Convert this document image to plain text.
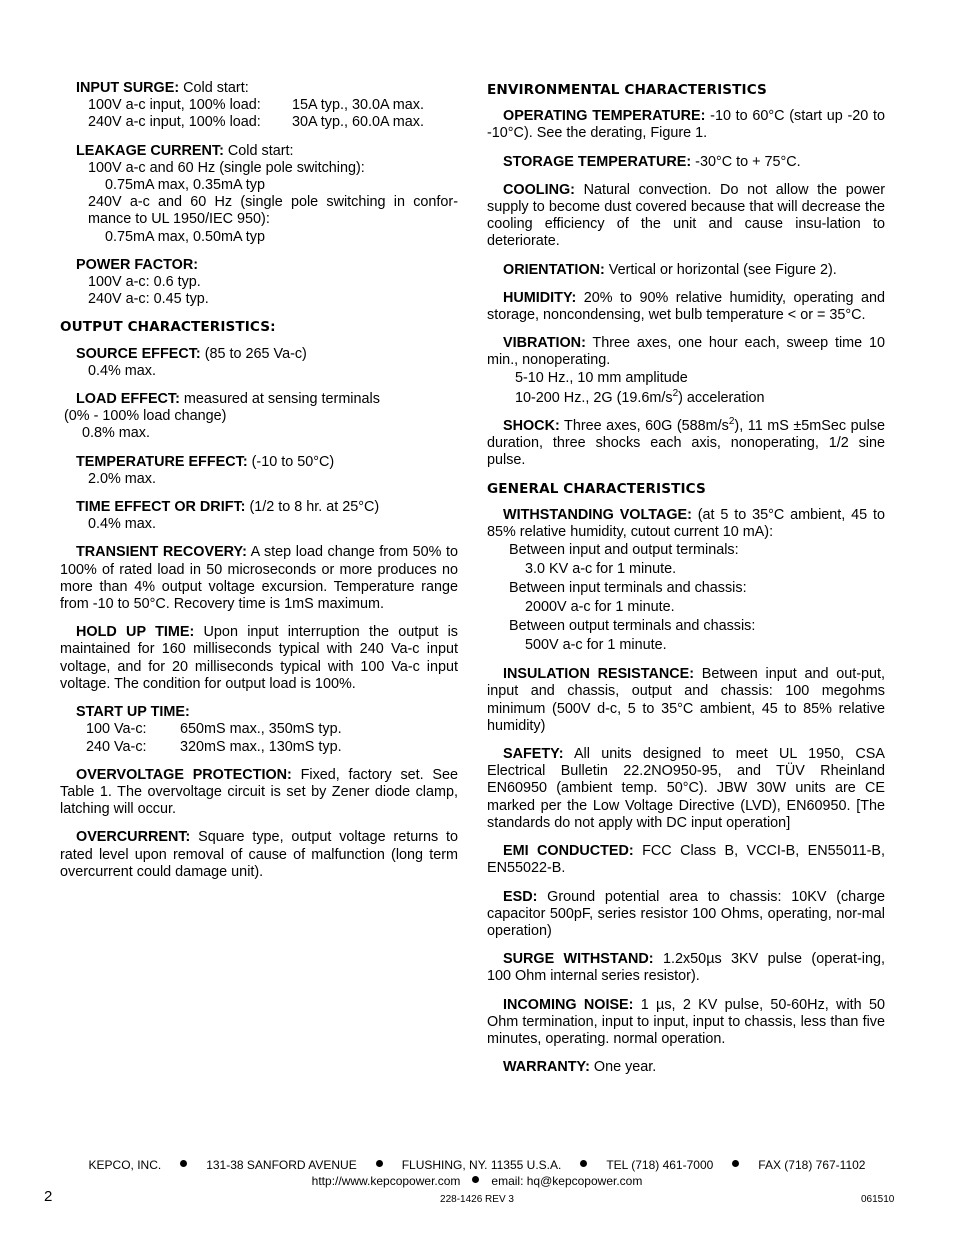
INPUT SURGE: Cold start:
100V a-c input, 100% load: 15A typ., 30.0A max.
240V a-c input, 100% load: 30A typ., 60.0A max.
LEAKAGE CURRENT: Cold start:
100V a-c and 60 Hz (single pole switching):
0.75mA max, 0.35mA typ
240V a-c and 60 Hz (single pole switching in confor-
mance to UL 1950/IEC 950):
0.75mA max, 0.50mA typ
POWER FACTOR:
100V a-c: 0.6 typ.
240V a-c: 0.45 typ.
OUTPUT CHARACTERISTICS:
SOURCE EFFECT: (85 to 265 Va-c)
0.4% max.
LOAD EFFECT: measured at sensing terminals
(0% - 100% load change)
0.8% max.
TEMPERATURE EFFECT: (-10 to 50°C)
2.0% max.
TIME EFFECT OR DRIFT: (1/2 to 8 hr. at 25°C)
0.4% max.

TRANSIENT RECOVERY: A step load change from 50% to 100% of rated load in 50 microseconds or more produces no more than 4% output voltage excursion. Temperature range from -10 to 50°C. Recovery time is 1mS maximum.

HOLD UP TIME: Upon input interruption the output is maintained for 160 milliseconds typical with 240 Va-c input voltage, and for 20 milliseconds typical with 100 Va-c input voltage. The condition for output load is 100%.

START UP TIME:
100 Va-c: 650mS max., 350mS typ.
240 Va-c: 320mS max., 130mS typ.

OVERVOLTAGE PROTECTION: Fixed, factory set. See Table 1. The overvoltage circuit is set by Zener diode clamp, latching will occur.

OVERCURRENT: Square type, output voltage returns to rated level upon removal of cause of malfunction (long term overcurrent could damage unit).

ENVIRONMENTAL CHARACTERISTICS

OPERATING TEMPERATURE: -10 to 60°C (start up -20 to -10°C). See the derating, Figure 1.

STORAGE TEMPERATURE: -30°C to + 75°C.

COOLING: Natural convection. Do not allow the power supply to become dust covered because that will decrease the cooling efficiency of the unit and cause insu-lation to deteriorate.

ORIENTATION: Vertical or horizontal (see Figure 2).

HUMIDITY: 20% to 90% relative humidity, operating and storage, noncondensing, wet bulb temperature < or = 35°C.

VIBRATION: Three axes, one hour each, sweep time 10 min., nonoperating.
5-10 Hz., 10 mm amplitude
10-200 Hz., 2G $(19.6m/s^2)$ acceleration

SHOCK: Three axes, 60G $(588m/s^2)$, 11 mS ±5mSec pulse duration, three shocks each axis, nonoperating, 1/2 sine pulse.

GENERAL CHARACTERISTICS
WITHSTANDING VOLTAGE: (at 5 to 35°C ambient, 45 to 85% relative humidity, cutout current 10 mA):
Between input and output terminals:
3.0 KV a-c for 1 minute.
Between input terminals and chassis:
2000V a-c for 1 minute.
Between output terminals and chassis:
500V a-c for 1 minute.

INSULATION RESISTANCE: Between input and out-put, input and chassis, output and chassis: 100 megohms minimum (500V d-c, 5 to 35°C ambient, 45 to 85% relative humidity)

SAFETY: All units designed to meet UL 1950, CSA Electrical Bulletin 22.2NO950-95, and TÜV Rheinland EN60950 (ambient temp. 50°C). JBW 30W units are CE marked per the Low Voltage Directive (LVD), EN60950. [The standards do not apply with DC input operation]

EMI CONDUCTED: FCC Class B, VCCI-B, EN55011-B, EN55022-B.

ESD: Ground potential area to chassis: 10KV (charge capacitor 500pF, series resistor 100 Ohms, operating, nor-mal operation)

SURGE WITHSTAND: 1.2x50µs 3KV pulse (operat-ing, 100 Ohm internal series resistor).

INCOMING NOISE: 1 µs, 2 KV pulse, 50-60Hz, with 50 Ohm termination, input to input, input to chassis, less than five minutes, operating. normal operation.

WARRANTY: One year.

KEPCO, INC.	131-38 SANFORD AVENUE	FLUSHING, NY. 11355 U.S.A.	TEL (718) 461-7000	FAX (718) 767-1102
http://www.kepcopower.com	email: hq@kepcopower.com
2	228-1426 REV 3	061510
